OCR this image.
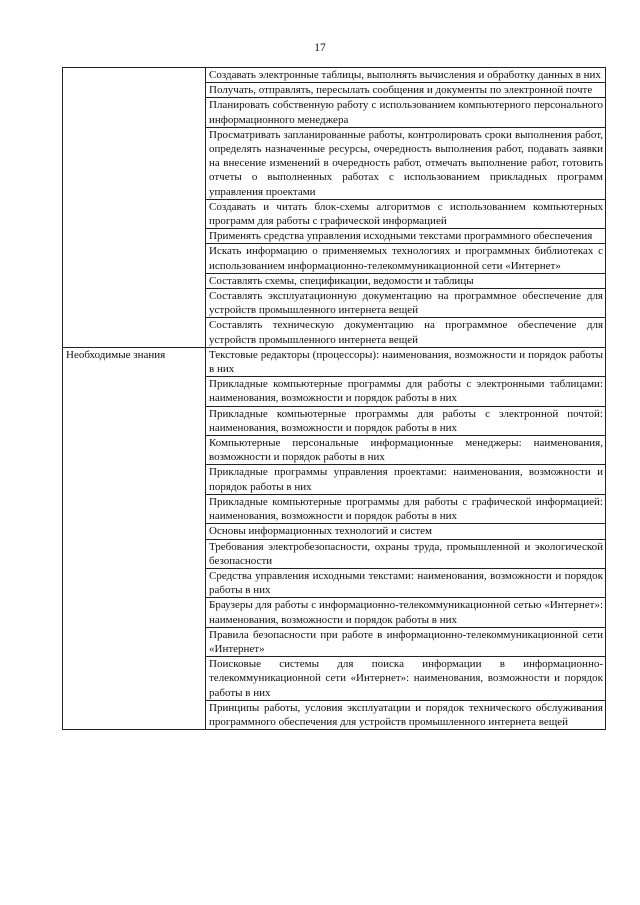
17

	Создавать электронные таблицы, выполнять вычисления и обработку данных в них

	Получать, отправлять, пересылать сообщения и документы по электронной почте

	Планировать собственную работу с использованием компьютерного персонального информационного менеджера

	Просматривать запланированные работы, контролировать сроки выполнения работ, определять назначенные ресурсы, очередность выполнения работ, подавать заявки на внесение изменений в очередность работ, отмечать выполнение работ, готовить отчеты о выполненных работах с использованием прикладных программ управления проектами

	Создавать и читать блок-схемы алгоритмов с использованием компьютерных программ для работы с графической информацией

	Применять средства управления исходными текстами программного обеспечения

	Искать информацию о применяемых технологиях и программных библиотеках с использованием информационно-телекоммуникационной сети «Интернет»

	Составлять схемы, спецификации, ведомости и таблицы

	Составлять эксплуатационную документацию на программное обеспечение для устройств промышленного интернета вещей

	Составлять техническую документацию на программное обеспечение для устройств промышленного интернета вещей

Необходимые знания	Текстовые редакторы (процессоры): наименования, возможности и порядок работы в них

	Прикладные компьютерные программы для работы с электронными таблицами: наименования, возможности и порядок работы в них

	Прикладные компьютерные программы для работы с электронной почтой: наименования, возможности и порядок работы в них

	Компьютерные персональные информационные менеджеры: наименования, возможности и порядок работы в них

	Прикладные программы управления проектами: наименования, возможности и порядок работы в них

	Прикладные компьютерные программы для работы с графической информацией: наименования, возможности и порядок работы в них

	Основы информационных технологий и систем

	Требования электробезопасности, охраны труда, промышленной и экологической безопасности

	Средства управления исходными текстами: наименования, возможности и порядок работы в них

	Браузеры для работы с информационно-телекоммуникационной сетью «Интернет»: наименования, возможности и порядок работы в них

	Правила безопасности при работе в информационно-телекоммуникационной сети «Интернет»

	Поисковые системы для поиска информации в информационно-телекоммуникационной сети «Интернет»: наименования, возможности и порядок работы в них

	Принципы работы, условия эксплуатации и порядок технического обслуживания программного обеспечения для устройств промышленного интернета вещей
